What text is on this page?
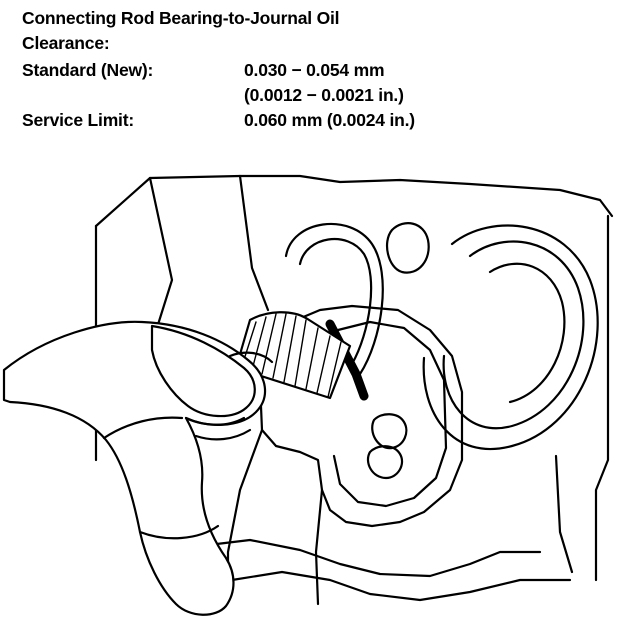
Connecting Rod Bearing-to-Journal Oil
Clearance:
Standard (New):	0.030 − 0.054 mm
(0.0012 − 0.0021 in.)
Service Limit:	0.060 mm (0.0024 in.)
